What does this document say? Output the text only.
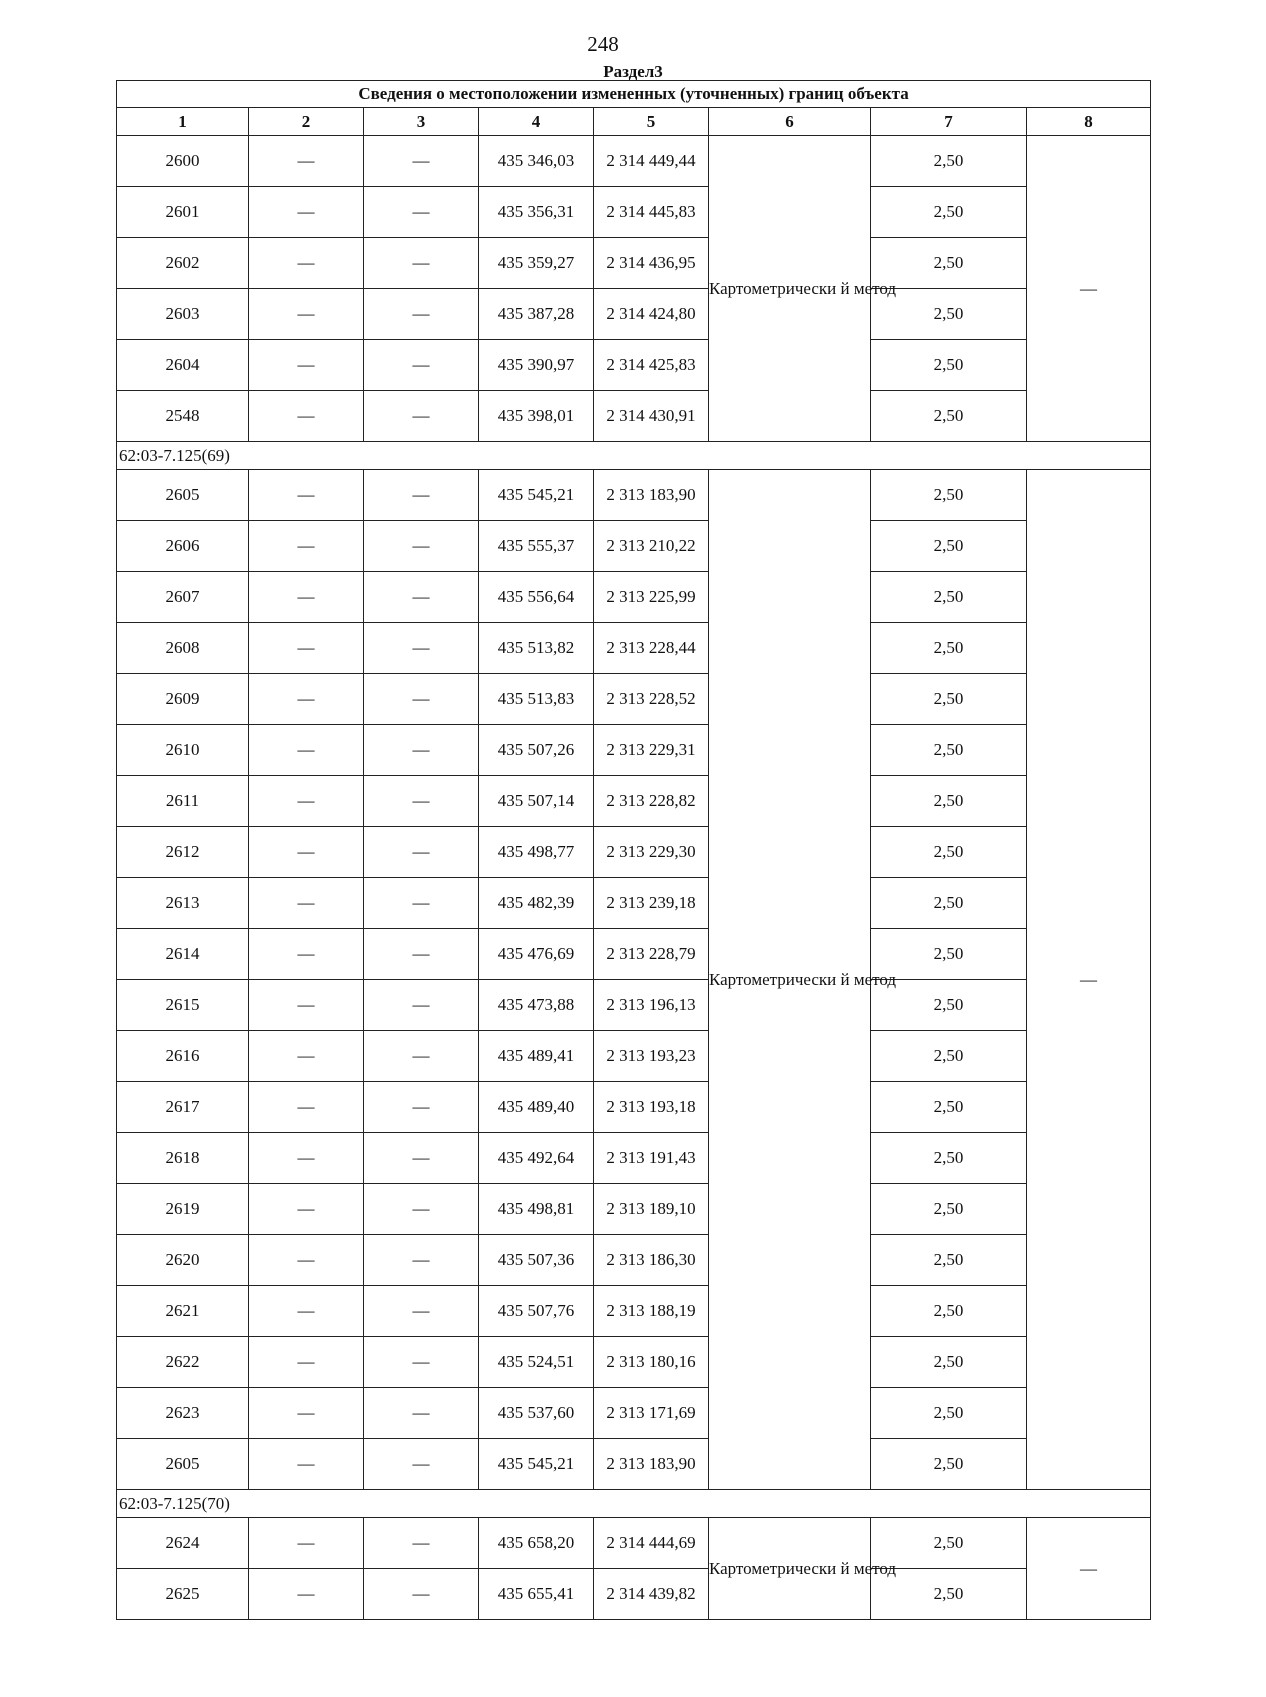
248
Раздел3
Сведения о местоположении измененных (уточненных) границ объекта							
1	2	3	4	5	6	7	8
2600	—	—	435 346,03	2 314 449,44	Картометрически й метод	2,50	—
2601	—	—	435 356,31	2 314 445,83		2,50	
2602	—	—	435 359,27	2 314 436,95		2,50	
2603	—	—	435 387,28	2 314 424,80		2,50	
2604	—	—	435 390,97	2 314 425,83		2,50	
2548	—	—	435 398,01	2 314 430,91		2,50	
62:03-7.125(69)							
2605	—	—	435 545,21	2 313 183,90	Картометрически й метод	2,50	—
2606	—	—	435 555,37	2 313 210,22		2,50	
2607	—	—	435 556,64	2 313 225,99		2,50	
2608	—	—	435 513,82	2 313 228,44		2,50	
2609	—	—	435 513,83	2 313 228,52		2,50	
2610	—	—	435 507,26	2 313 229,31		2,50	
2611	—	—	435 507,14	2 313 228,82		2,50	
2612	—	—	435 498,77	2 313 229,30		2,50	
2613	—	—	435 482,39	2 313 239,18		2,50	
2614	—	—	435 476,69	2 313 228,79		2,50	
2615	—	—	435 473,88	2 313 196,13		2,50	
2616	—	—	435 489,41	2 313 193,23		2,50	
2617	—	—	435 489,40	2 313 193,18		2,50	
2618	—	—	435 492,64	2 313 191,43		2,50	
2619	—	—	435 498,81	2 313 189,10		2,50	
2620	—	—	435 507,36	2 313 186,30		2,50	
2621	—	—	435 507,76	2 313 188,19		2,50	
2622	—	—	435 524,51	2 313 180,16		2,50	
2623	—	—	435 537,60	2 313 171,69		2,50	
2605	—	—	435 545,21	2 313 183,90		2,50	
62:03-7.125(70)							
2624	—	—	435 658,20	2 314 444,69	Картометрически й метод	2,50	—
2625	—	—	435 655,41	2 314 439,82		2,50	
